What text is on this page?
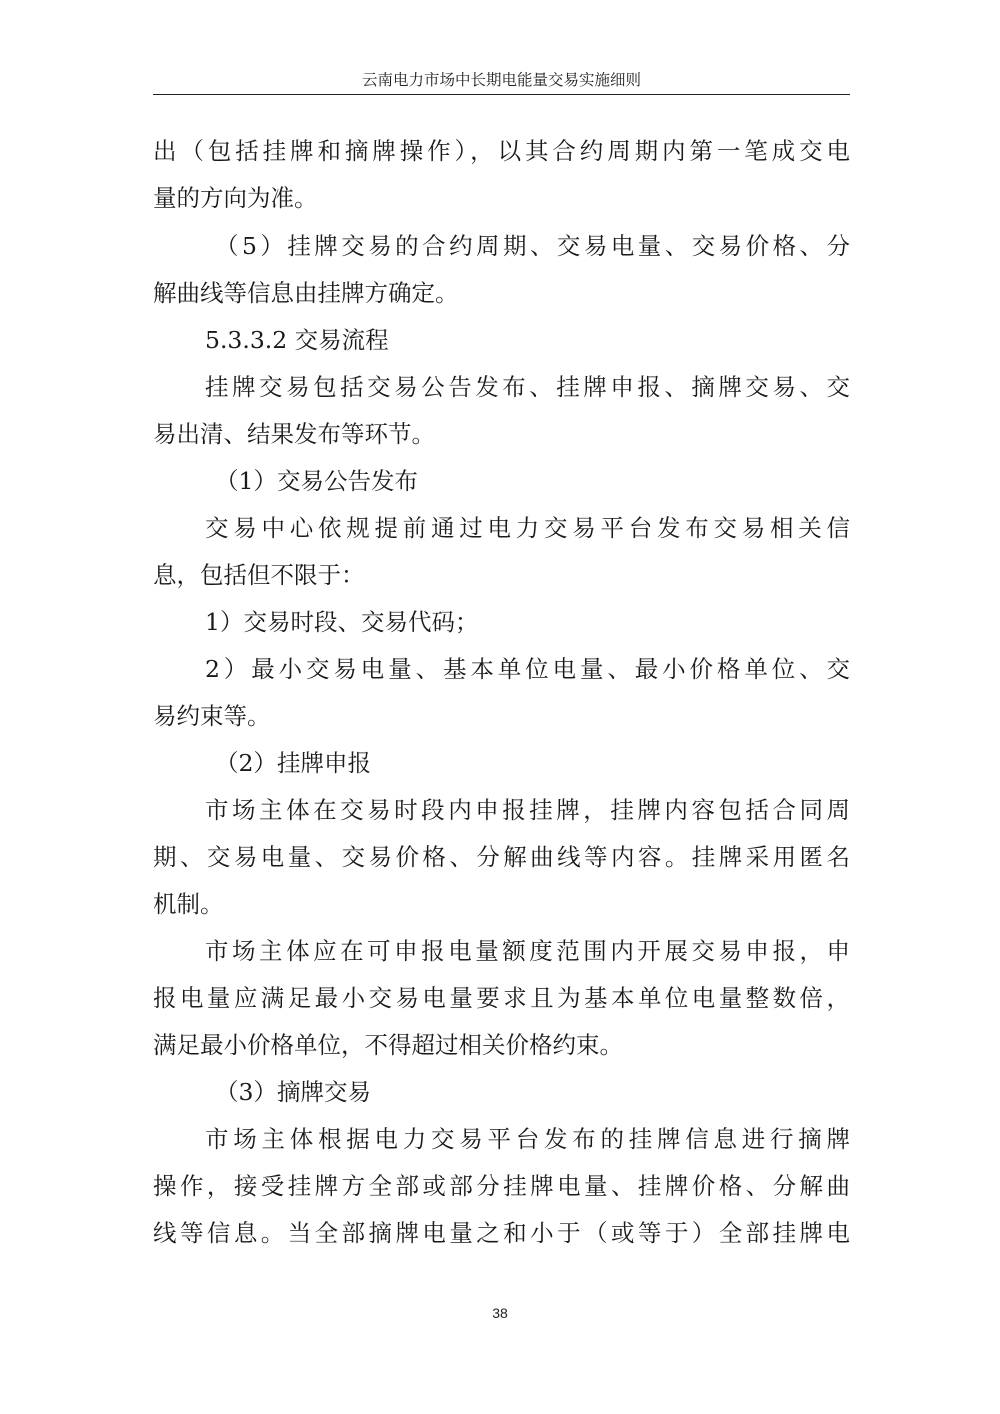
云南电力市场中长期电能量交易实施细则
出（包括挂牌和摘牌操作），以其合约周期内第一笔成交电
量的方向为准。
（5）挂牌交易的合约周期、交易电量、交易价格、分
解曲线等信息由挂牌方确定。
5.3.3.2 交易流程
挂牌交易包括交易公告发布、挂牌申报、摘牌交易、交
易出清、结果发布等环节。
（1）交易公告发布
交易中心依规提前通过电力交易平台发布交易相关信
息，包括但不限于：
1）交易时段、交易代码；
2）最小交易电量、基本单位电量、最小价格单位、交
易约束等。
（2）挂牌申报
市场主体在交易时段内申报挂牌，挂牌内容包括合同周
期、交易电量、交易价格、分解曲线等内容。挂牌采用匿名
机制。
市场主体应在可申报电量额度范围内开展交易申报，申
报电量应满足最小交易电量要求且为基本单位电量整数倍，
满足最小价格单位，不得超过相关价格约束。
（3）摘牌交易
市场主体根据电力交易平台发布的挂牌信息进行摘牌
操作，接受挂牌方全部或部分挂牌电量、挂牌价格、分解曲
线等信息。当全部摘牌电量之和小于（或等于）全部挂牌电
38
